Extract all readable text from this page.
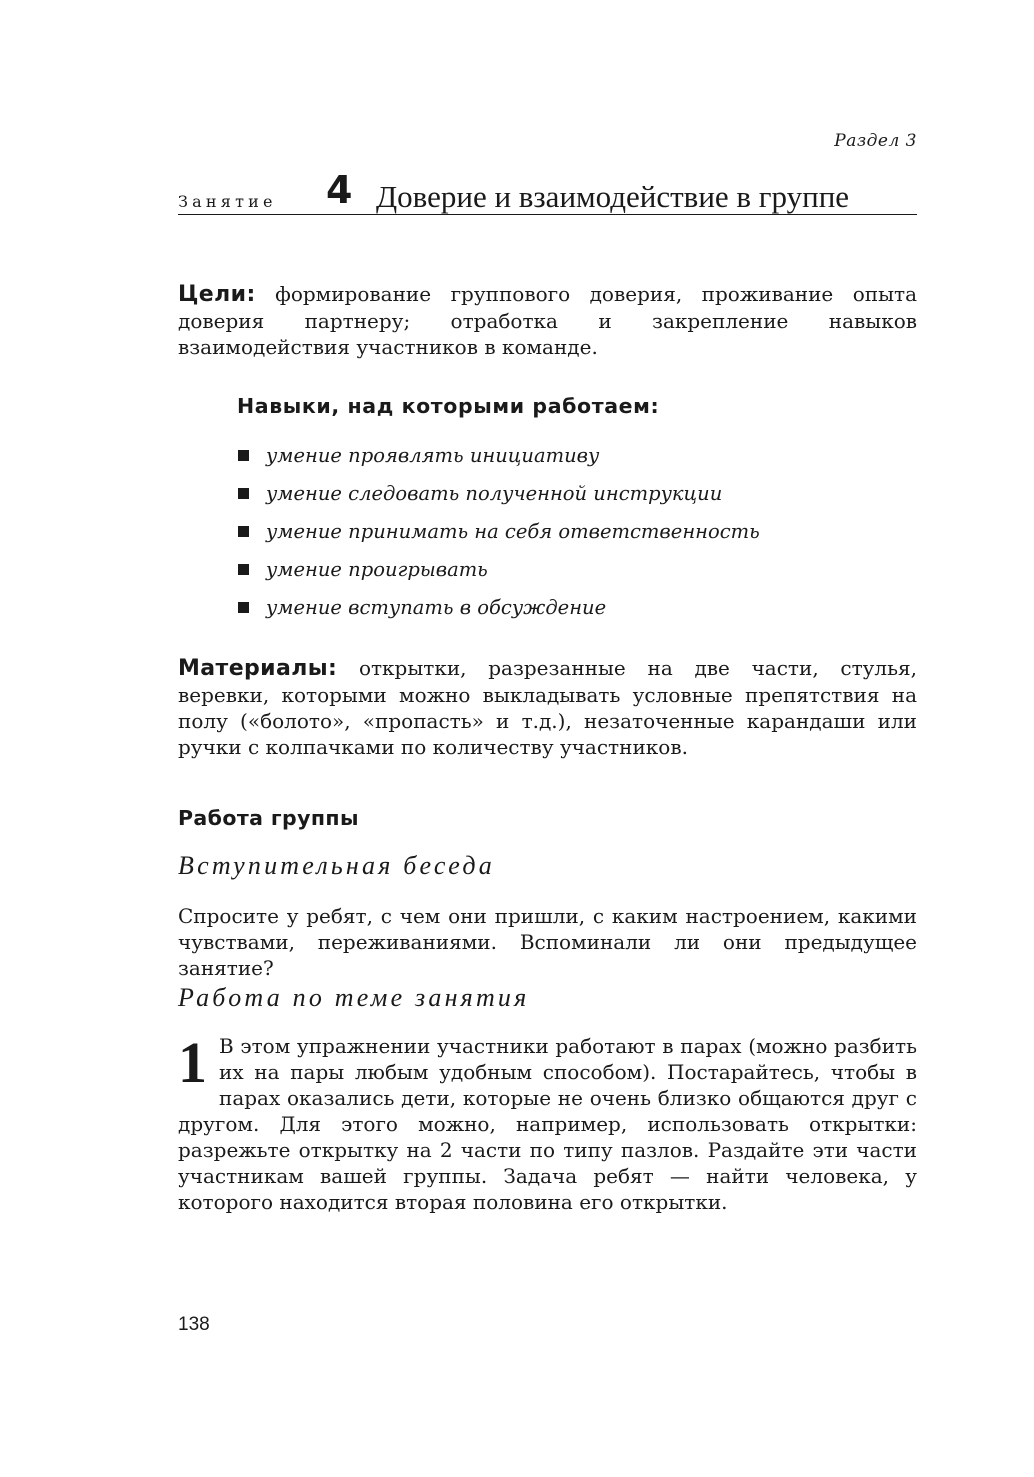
Раздел 3
Занятие 4 Доверие и взаимодействие в группе
Цели: формирование группового доверия, проживание опыта доверия партнеру; отработка и закрепление навыков взаимодействия участников в команде.
Навыки, над которыми работаем:
умение проявлять инициативу
умение следовать полученной инструкции
умение принимать на себя ответственность
умение проигрывать
умение вступать в обсуждение
Материалы: открытки, разрезанные на две части, стулья, веревки, которыми можно выкладывать условные препятствия на полу («болото», «пропасть» и т.д.), незаточенные карандаши или ручки с колпачками по количеству участников.
Работа группы
Вступительная беседа
Спросите у ребят, с чем они пришли, с каким настроением, какими чувствами, переживаниями. Вспоминали ли они предыдущее занятие?
Работа по теме занятия
1 В этом упражнении участники работают в парах (можно разбить их на пары любым удобным способом). Постарайтесь, чтобы в парах оказались дети, которые не очень близко общаются друг с другом. Для этого можно, например, использовать открытки: разрежьте открытку на 2 части по типу пазлов. Раздайте эти части участникам вашей группы. Задача ребят — найти человека, у которого находится вторая половина его открытки.
138
